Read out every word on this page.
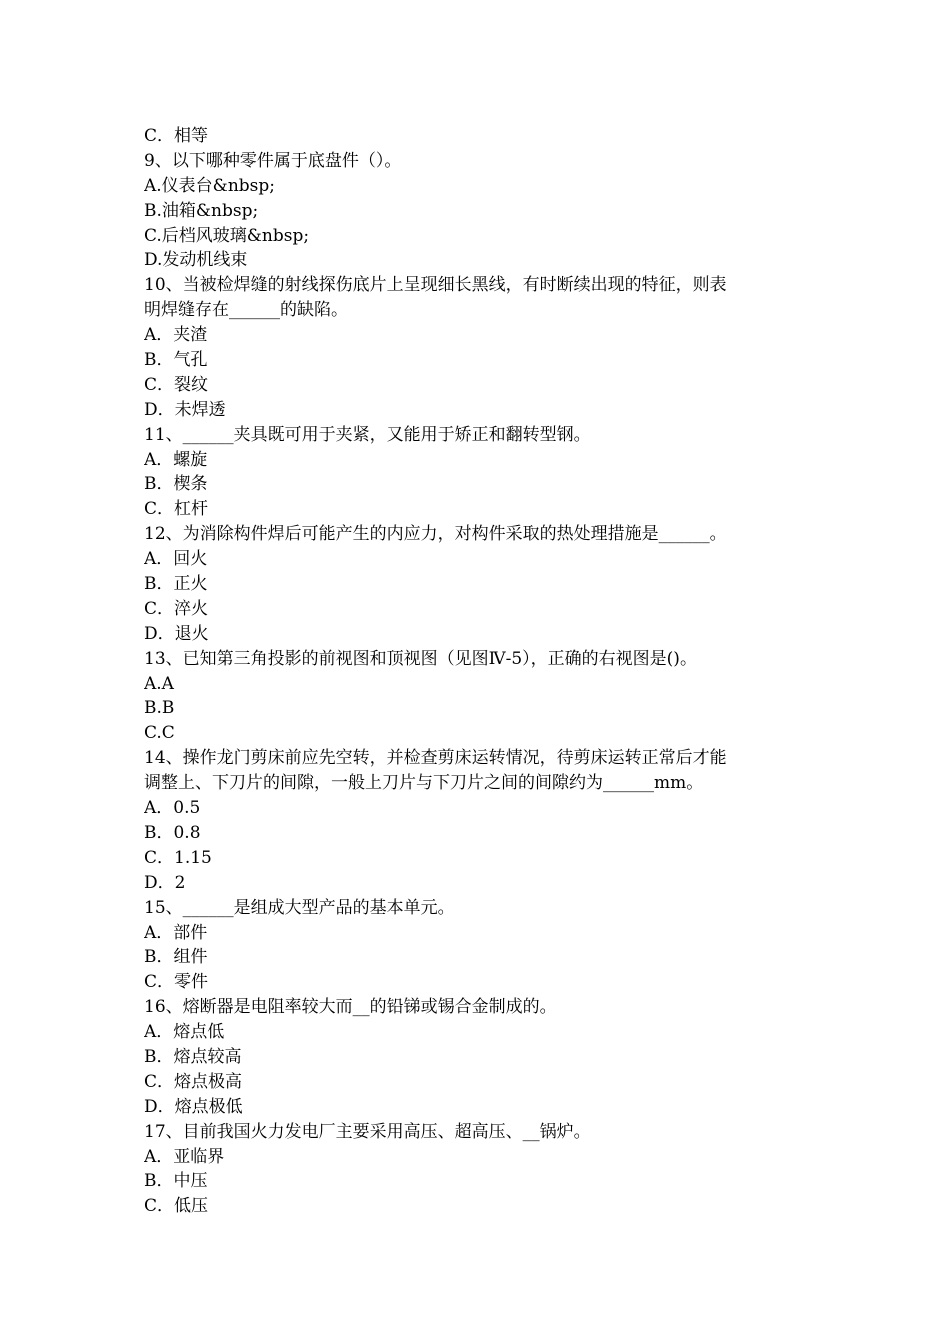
C．相等
9、以下哪种零件属于底盘件（）。
A.仪表台&nbsp;
B.油箱&nbsp;
C.后档风玻璃&nbsp;
D.发动机线束
10、当被检焊缝的射线探伤底片上呈现细长黑线，有时断续出现的特征，则表
明焊缝存在______的缺陷。
A．夹渣
B．气孔
C．裂纹
D．未焊透
11、______夹具既可用于夹紧，又能用于矫正和翻转型钢。
A．螺旋
B．楔条
C．杠杆
12、为消除构件焊后可能产生的内应力，对构件采取的热处理措施是______。
A．回火
B．正火
C．淬火
D．退火
13、已知第三角投影的前视图和顶视图（见图Ⅳ-5），正确的右视图是()。
A.A
B.B
C.C
14、操作龙门剪床前应先空转，并检查剪床运转情况，待剪床运转正常后才能
调整上、下刀片的间隙，一般上刀片与下刀片之间的间隙约为______mm。
A．0.5
B．0.8
C．1.15
D．2
15、______是组成大型产品的基本单元。
A．部件
B．组件
C．零件
16、熔断器是电阻率较大而__的铅锑或锡合金制成的。
A．熔点低
B．熔点较高
C．熔点极高
D．熔点极低
17、目前我国火力发电厂主要采用高压、超高压、__锅炉。
A．亚临界
B．中压
C．低压
